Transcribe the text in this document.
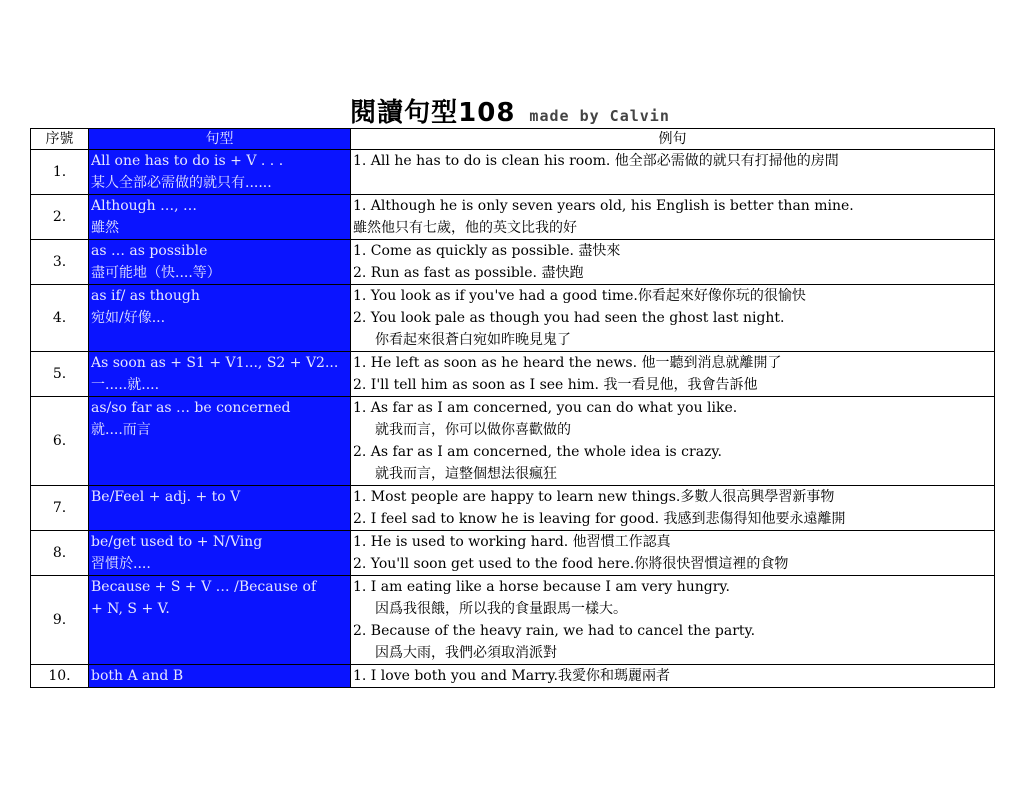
閱讀句型108 made by Calvin
序號	句型	例句
1.	All one has to do is + V . . .
某人全部必需做的就只有......	1. All he has to do is clean his room. 他全部必需做的就只有打掃他的房間

2.	Although …, …
雖然	1. Although he is only seven years old, his English is better than mine.
雖然他只有七歲，他的英文比我的好

3.	as … as possible
盡可能地（快....等）	1. Come as quickly as possible. 盡快來
2. Run as fast as possible. 盡快跑

4.	as if/ as though
宛如/好像...	1. You look as if you've had a good time.你看起來好像你玩的很愉快
2. You look pale as though you had seen the ghost last night.
你看起來很蒼白宛如昨晚見鬼了

5.	As soon as + S1 + V1..., S2 + V2...
一.....就....	1. He left as soon as he heard the news. 他一聽到消息就離開了
2. I'll tell him as soon as I see him. 我一看見他，我會告訴他

6.	as/so far as … be concerned
就....而言	1. As far as I am concerned, you can do what you like.
就我而言，你可以做你喜歡做的
2. As far as I am concerned, the whole idea is crazy.
就我而言，這整個想法很瘋狂

7.	Be/Feel + adj. + to V	1. Most people are happy to learn new things.多數人很高興學習新事物
2. I feel sad to know he is leaving for good. 我感到悲傷得知他要永遠離開

8.	be/get used to + N/Ving
習慣於....	1. He is used to working hard. 他習慣工作認真
2. You'll soon get used to the food here.你將很快習慣這裡的食物

9.	Because + S + V … /Because of
+ N, S + V.	1. I am eating like a horse because I am very hungry.
因爲我很餓，所以我的食量跟馬一樣大。
2. Because of the heavy rain, we had to cancel the party.
因爲大雨，我們必須取消派對

10.	both A and B	1. I love both you and Marry.我愛你和瑪麗兩者
